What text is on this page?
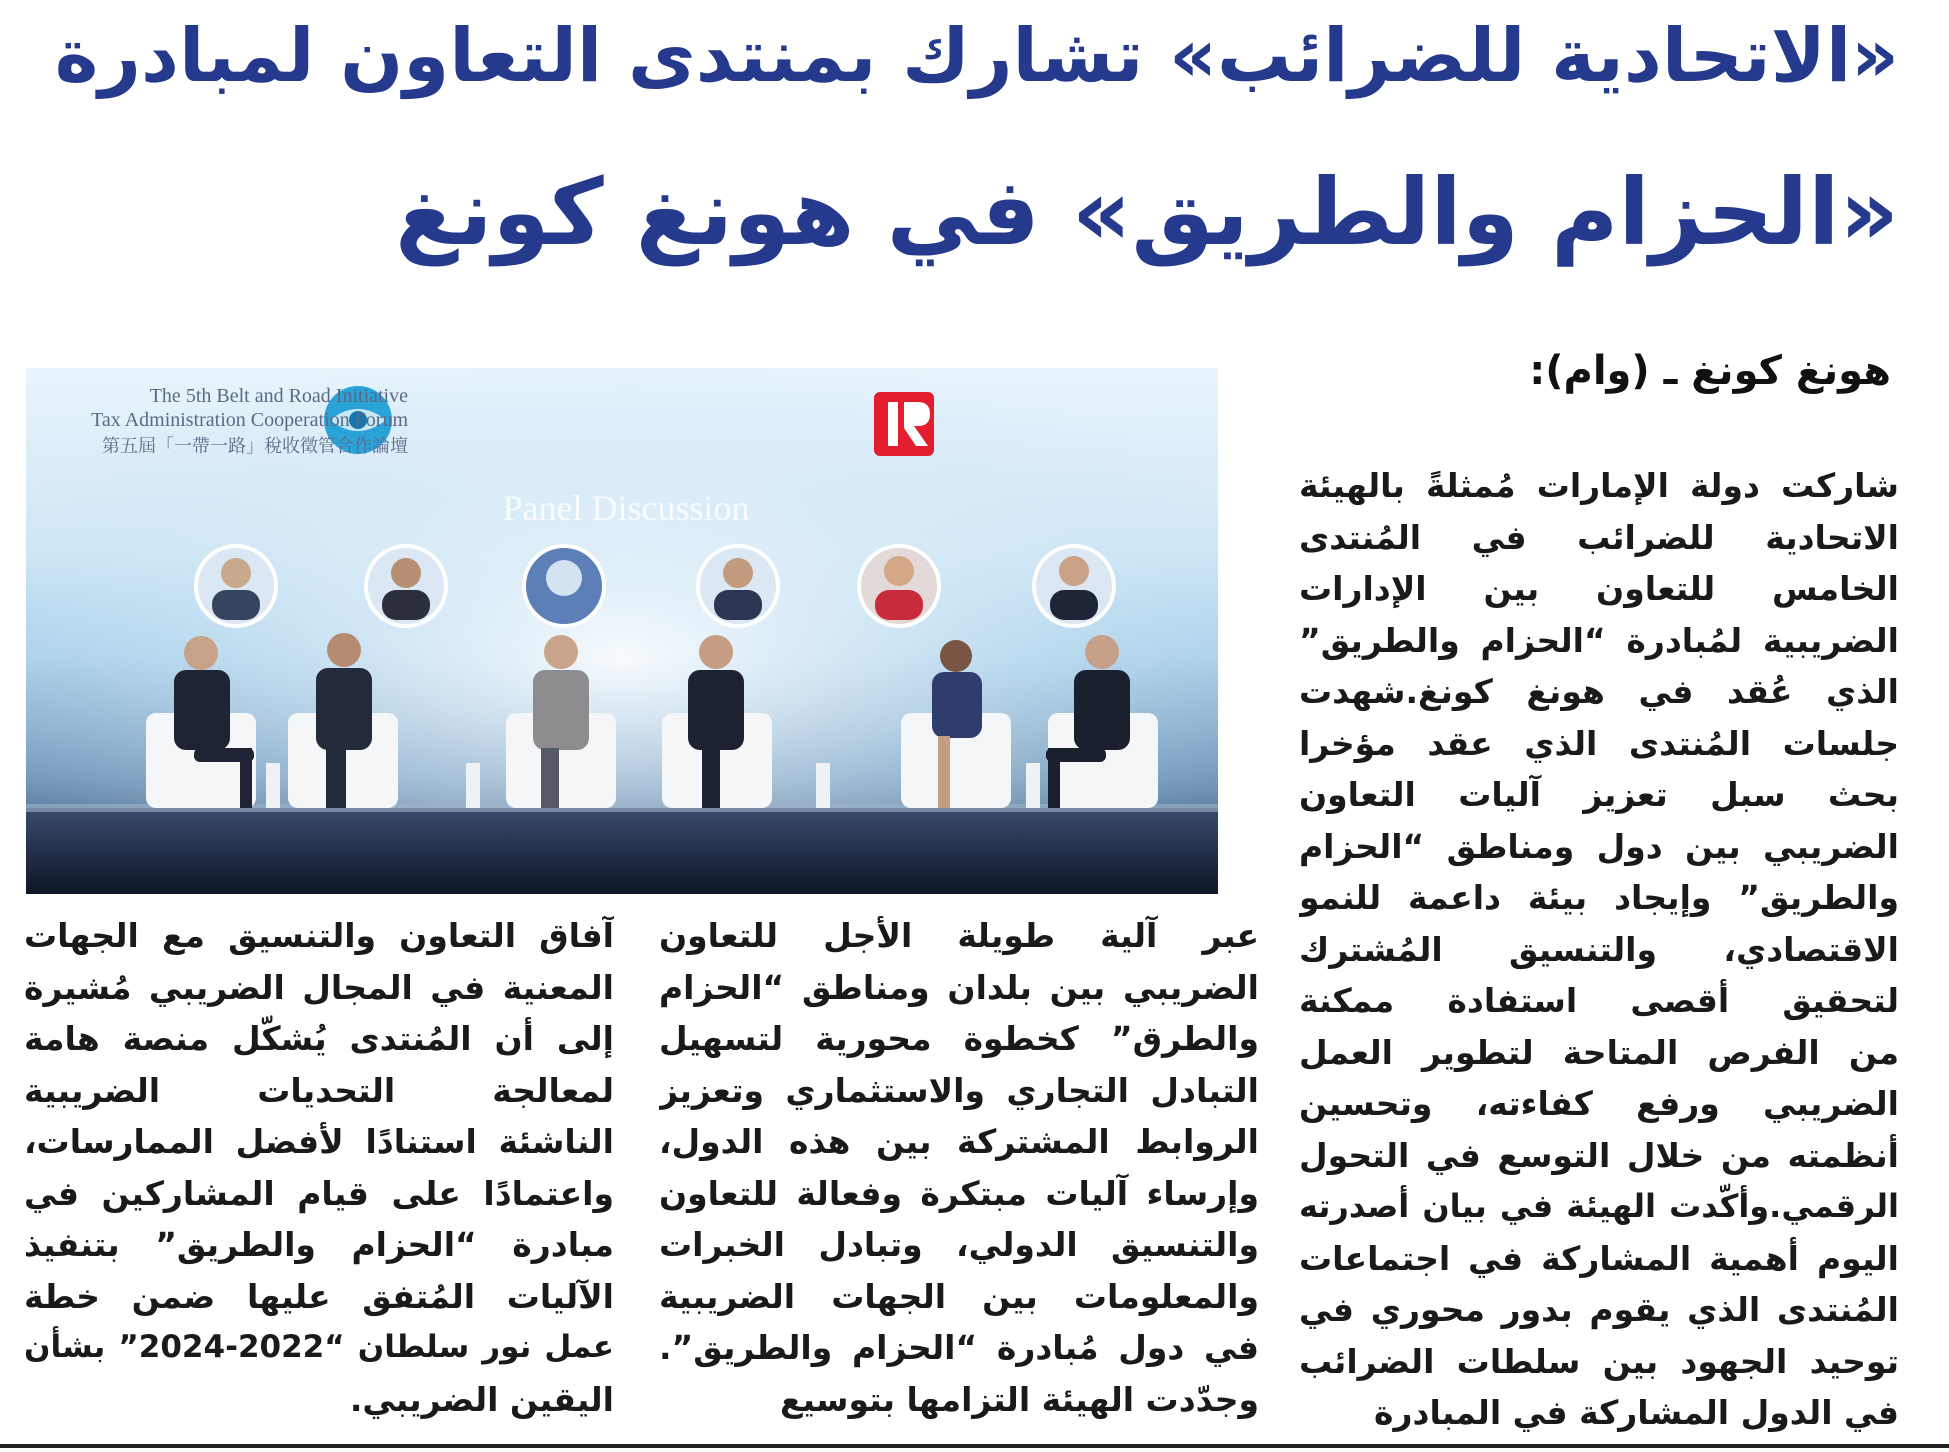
«الاتحادية للضرائب» تشارك بمنتدى التعاون لمبادرة
«الحزام والطريق» في هونغ كونغ
هونغ كونغ ـ (وام):
The 5th Belt and Road Initiative
Tax Administration Cooperation Forum
第五屆「一帶一路」稅收徵管合作論壇
Panel Discussion
شاركت دولة الإمارات مُمثلةً بالهيئة
الاتحادية للضرائب في المُنتدى
الخامس للتعاون بين الإدارات
الضريبية لمُبادرة “الحزام والطريق”
الذي عُقد في هونغ كونغ.شهدت
جلسات المُنتدى الذي عقد مؤخرا
بحث سبل تعزيز آليات التعاون
الضريبي بين دول ومناطق “الحزام
والطريق” وإيجاد بيئة داعمة للنمو
الاقتصادي، والتنسيق المُشترك
لتحقيق أقصى استفادة ممكنة
من الفرص المتاحة لتطوير العمل
الضريبي ورفع كفاءته، وتحسين
أنظمته من خلال التوسع في التحول
الرقمي.وأكّدت الهيئة في بيان أصدرته
اليوم أهمية المشاركة في اجتماعات
المُنتدى الذي يقوم بدور محوري في
توحيد الجهود بين سلطات الضرائب
في الدول المشاركة في المبادرة
عبر آلية طويلة الأجل للتعاون
الضريبي بين بلدان ومناطق “الحزام
والطرق” كخطوة محورية لتسهيل
التبادل التجاري والاستثماري وتعزيز
الروابط المشتركة بين هذه الدول،
وإرساء آليات مبتكرة وفعالة للتعاون
والتنسيق الدولي، وتبادل الخبرات
والمعلومات بين الجهات الضريبية
في دول مُبادرة “الحزام والطريق”.
وجدّدت الهيئة التزامها بتوسيع
آفاق التعاون والتنسيق مع الجهات
المعنية في المجال الضريبي مُشيرة
إلى أن المُنتدى يُشكّل منصة هامة
لمعالجة التحديات الضريبية
الناشئة استنادًا لأفضل الممارسات،
واعتمادًا على قيام المشاركين في
مبادرة “الحزام والطريق” بتنفيذ
الآليات المُتفق عليها ضمن خطة
عمل نور سلطان “2022-2024” بشأن
اليقين الضريبي.
